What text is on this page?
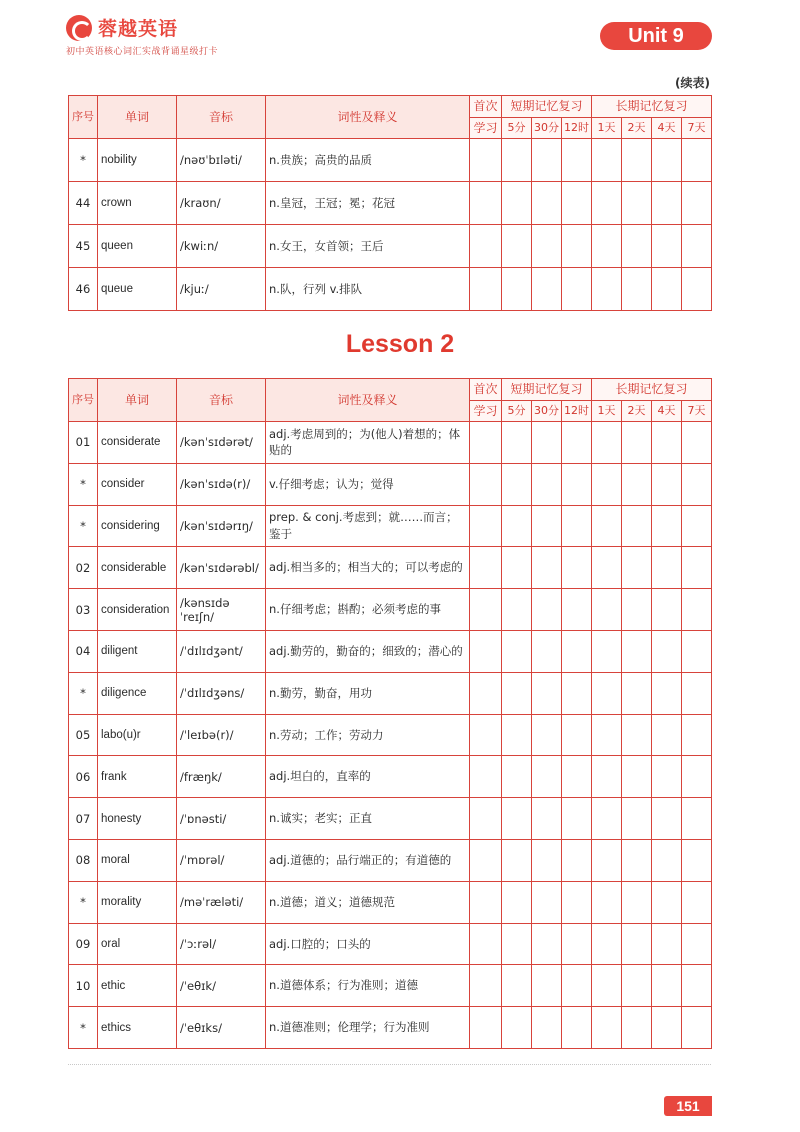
蓉越英语
初中英语核心词汇实战背诵星级打卡
Unit 9
(续表)
序号	单词	音标	词性及释义	首次	短期记忆复习			长期记忆复习			
				学习	5分	30分	12时	1天	2天	4天	7天
*	nobility	/nəʊˈbɪləti/	n.贵族；高贵的品质								
44	crown	/kraʊn/	n.皇冠，王冠；冕；花冠								
45	queen	/kwiːn/	n.女王，女首领；王后								
46	queue	/kjuː/	n.队，行列 v.排队								
Lesson 2
序号	单词	音标	词性及释义	首次	短期记忆复习			长期记忆复习			
				学习	5分	30分	12时	1天	2天	4天	7天
01	considerate	/kənˈsɪdərət/	adj.考虑周到的；为(他人)着想的；体贴的								
*	consider	/kənˈsɪdə(r)/	v.仔细考虑；认为；觉得								
*	considering	/kənˈsɪdərɪŋ/	prep. & conj.考虑到；就……而言；鉴于								
02	considerable	/kənˈsɪdərəbl/	adj.相当多的；相当大的；可以考虑的								
03	consideration	/kənsɪdəˈreɪʃn/	n.仔细考虑；斟酌；必须考虑的事								
04	diligent	/ˈdɪlɪdʒənt/	adj.勤劳的，勤奋的；细致的；潜心的								
*	diligence	/ˈdɪlɪdʒəns/	n.勤劳，勤奋，用功								
05	labo(u)r	/ˈleɪbə(r)/	n.劳动；工作；劳动力								
06	frank	/fræŋk/	adj.坦白的，直率的								
07	honesty	/ˈɒnəsti/	n.诚实；老实；正直								
08	moral	/ˈmɒrəl/	adj.道德的；品行端正的；有道德的								
*	morality	/məˈræləti/	n.道德；道义；道德规范								
09	oral	/ˈɔːrəl/	adj.口腔的；口头的								
10	ethic	/ˈeθɪk/	n.道德体系；行为准则；道德								
*	ethics	/ˈeθɪks/	n.道德准则；伦理学；行为准则								
151
